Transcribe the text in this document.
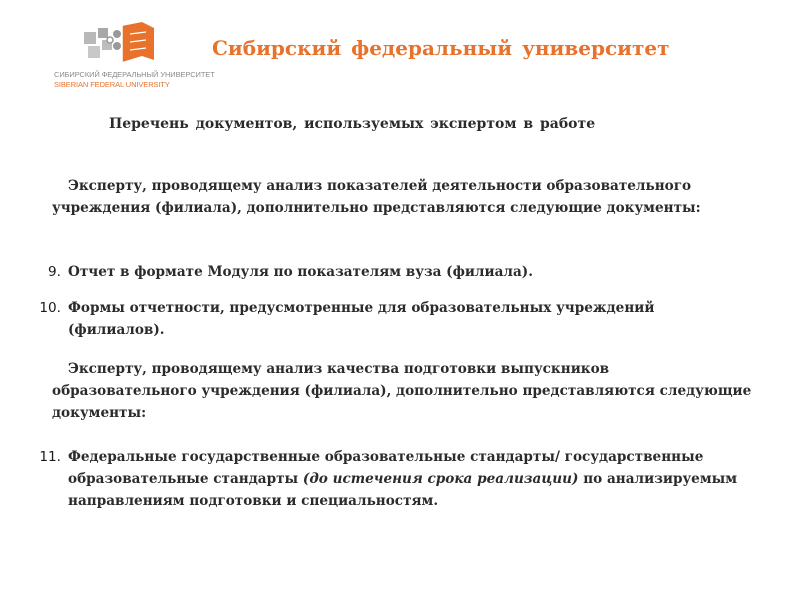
СИБИРСКИЙ ФЕДЕРАЛЬНЫЙ УНИВЕРСИТЕТ
SIBERIAN FEDERAL UNIVERSITY
Сибирский федеральный университет
Перечень документов, используемых экспертом в работе
Эксперту, проводящему анализ показателей деятельности образовательного учреждения (филиала), дополнительно представляются следующие документы:
9. Отчет в формате Модуля по показателям вуза (филиала).
10. Формы отчетности, предусмотренные для образовательных учреждений (филиалов).
Эксперту, проводящему анализ качества подготовки выпускников образовательного учреждения (филиала), дополнительно представляются следующие документы:
11. Федеральные государственные образовательные стандарты/ государственные образовательные стандарты (до истечения срока реализации) по анализируемым направлениям подготовки и специальностям.
